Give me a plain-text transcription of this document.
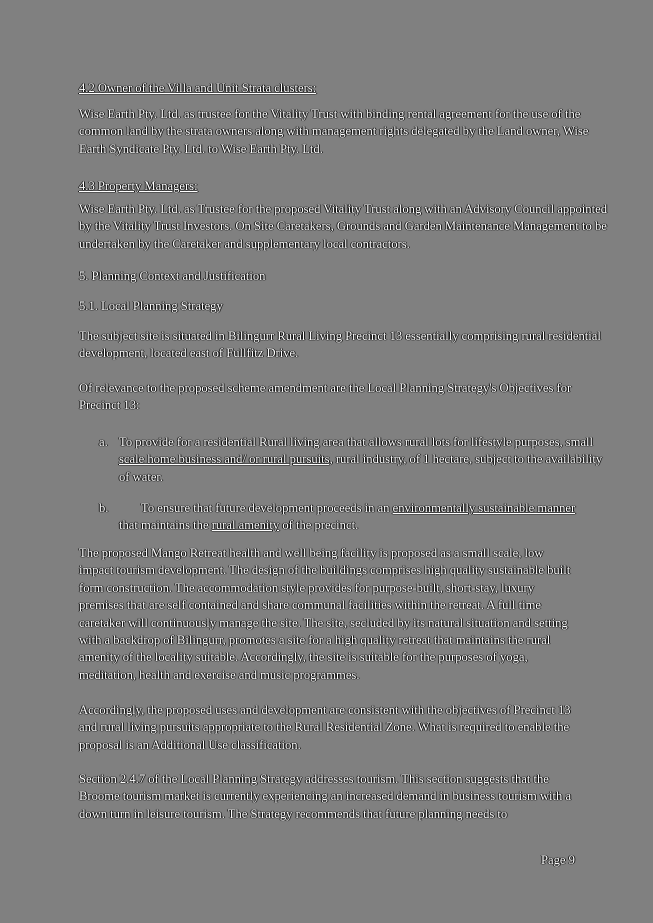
4.2 Owner of the Villa and Unit Strata clusters:
Wise Earth Pty. Ltd. as trustee for the Vitality Trust with binding rental agreement for the use of the common land by the strata owners along with management rights delegated by the Land owner, Wise Earth Syndicate Pty. Ltd. to Wise Earth Pty. Ltd.
4.3 Property Managers:
Wise Earth Pty. Ltd. as Trustee for the proposed Vitality Trust along with an Advisory Council appointed by the Vitality Trust Investors. On Site Caretakers, Grounds and Garden Maintenance Management to be undertaken by the Caretaker and supplementary local contractors.
5. Planning Context and Justification
5.1. Local Planning Strategy
The subject site is situated in Bilingurr Rural Living Precinct 13 essentially comprising rural residential development, located east of Fullfitz Drive.
Of relevance to the proposed scheme amendment are the Local Planning Strategy's Objectives for Precinct 13:
a. To provide for a residential Rural living area that allows rural lots for lifestyle purposes, small scale home business and/ or rural pursuits, rural industry, of 1 hectare, subject to the availability of water.
b.	To ensure that future development proceeds in an environmentally sustainable manner that maintains the rural amenity of the precinct.
The proposed Mango Retreat health and well being facility is proposed as a small scale, low impact tourism development. The design of the buildings comprises high quality sustainable built form construction. The accommodation style provides for purpose-built, short-stay, luxury premises that are self contained and share communal facilities within the retreat. A full time caretaker will continuously manage the site. The site, secluded by its natural situation and setting with a backdrop of Bilingurr, promotes a site for a high quality retreat that maintains the rural amenity of the locality suitable. Accordingly, the site is suitable for the purposes of yoga, meditation, health and exercise and music programmes.
Accordingly, the proposed uses and development are consistent with the objectives of Precinct 13 and rural living pursuits appropriate to the Rural Residential Zone. What is required to enable the proposal is an Additional Use classification.
Section 2.4.7 of the Local Planning Strategy addresses tourism. This section suggests that the Broome tourism market is currently experiencing an increased demand in business tourism with a down turn in leisure tourism. The Strategy recommends that future planning needs to
Page 9
